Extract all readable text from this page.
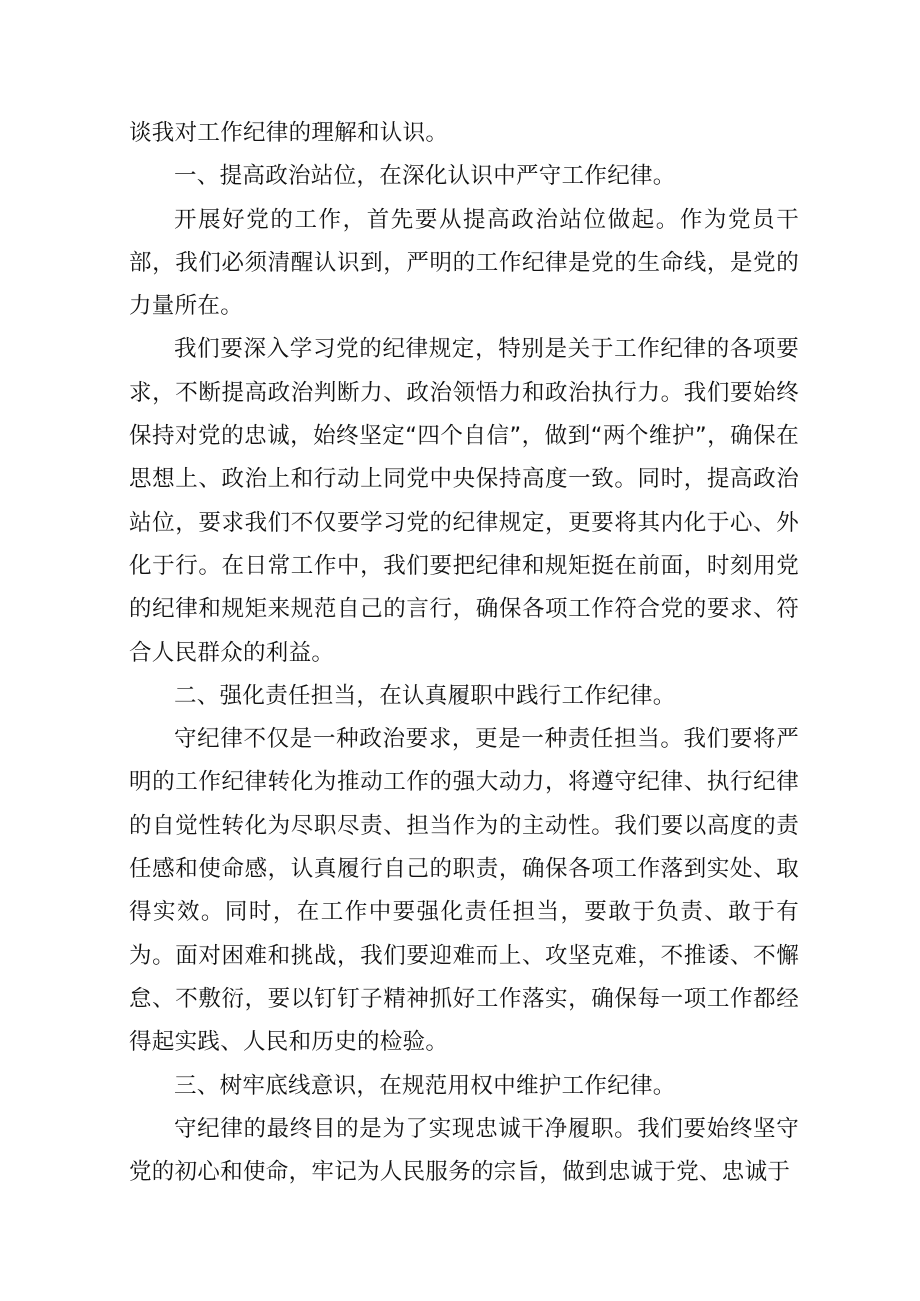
谈我对工作纪律的理解和认识。

一、提高政治站位，在深化认识中严守工作纪律。

开展好党的工作，首先要从提高政治站位做起。作为党员干部，我们必须清醒认识到，严明的工作纪律是党的生命线，是党的力量所在。

我们要深入学习党的纪律规定，特别是关于工作纪律的各项要求，不断提高政治判断力、政治领悟力和政治执行力。我们要始终保持对党的忠诚，始终坚定“四个自信”，做到“两个维护”，确保在思想上、政治上和行动上同党中央保持高度一致。同时，提高政治站位，要求我们不仅要学习党的纪律规定，更要将其内化于心、外化于行。在日常工作中，我们要把纪律和规矩挺在前面，时刻用党的纪律和规矩来规范自己的言行，确保各项工作符合党的要求、符合人民群众的利益。

二、强化责任担当，在认真履职中践行工作纪律。

守纪律不仅是一种政治要求，更是一种责任担当。我们要将严明的工作纪律转化为推动工作的强大动力，将遵守纪律、执行纪律的自觉性转化为尽职尽责、担当作为的主动性。我们要以高度的责任感和使命感，认真履行自己的职责，确保各项工作落到实处、取得实效。同时，在工作中要强化责任担当，要敢于负责、敢于有为。面对困难和挑战，我们要迎难而上、攻坚克难，不推诿、不懈怠、不敷衍，要以钉钉子精神抓好工作落实，确保每一项工作都经得起实践、人民和历史的检验。

三、树牢底线意识，在规范用权中维护工作纪律。

守纪律的最终目的是为了实现忠诚干净履职。我们要始终坚守党的初心和使命，牢记为人民服务的宗旨，做到忠诚于党、忠诚于
